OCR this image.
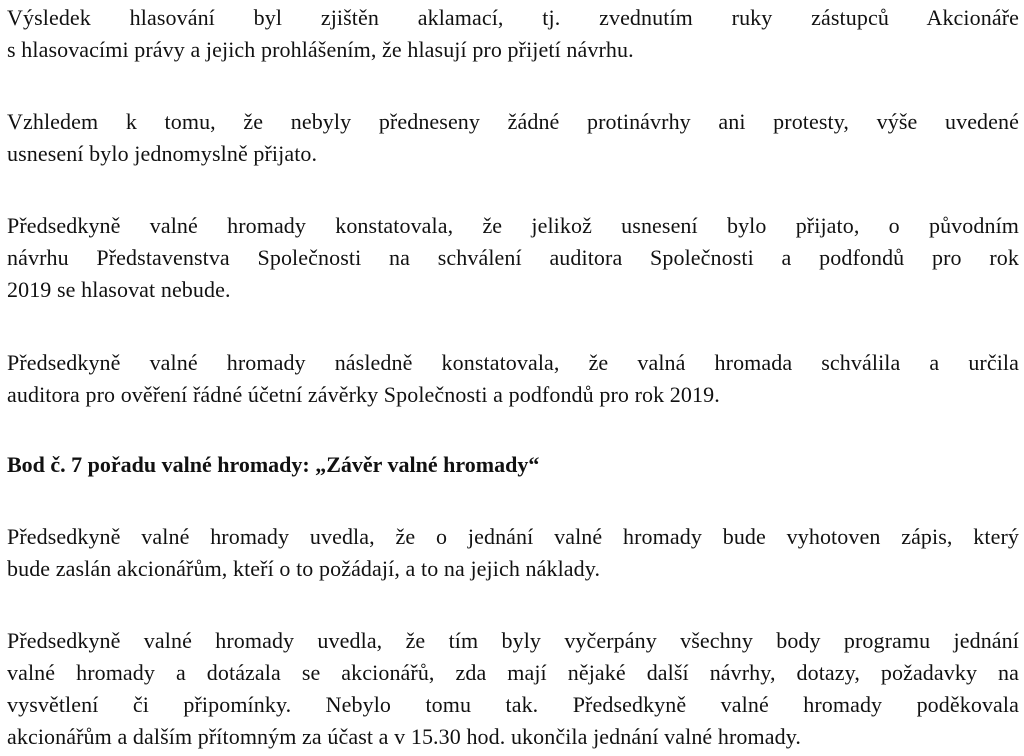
Výsledek hlasování byl zjištěn aklamací, tj. zvednutím ruky zástupců Akcionáře
s hlasovacími právy a jejich prohlášením, že hlasují pro přijetí návrhu.

Vzhledem k tomu, že nebyly předneseny žádné protinávrhy ani protesty, výše uvedené
usnesení bylo jednomyslně přijato.

Předsedkyně valné hromady konstatovala, že jelikož usnesení bylo přijato, o původním
návrhu Představenstva Společnosti na schválení auditora Společnosti a podfondů pro rok
2019 se hlasovat nebude.

Předsedkyně valné hromady následně konstatovala, že valná hromada schválila a určila
auditora pro ověření řádné účetní závěrky Společnosti a podfondů pro rok 2019.

Bod č. 7 pořadu valné hromady: „Závěr valné hromady“

Předsedkyně valné hromady uvedla, že o jednání valné hromady bude vyhotoven zápis, který
bude zaslán akcionářům, kteří o to požádají, a to na jejich náklady.

Předsedkyně valné hromady uvedla, že tím byly vyčerpány všechny body programu jednání
valné hromady a dotázala se akcionářů, zda mají nějaké další návrhy, dotazy, požadavky na
vysvětlení či připomínky. Nebylo tomu tak. Předsedkyně valné hromady poděkovala
akcionářům a dalším přítomným za účast a v 15.30 hod. ukončila jednání valné hromady.
